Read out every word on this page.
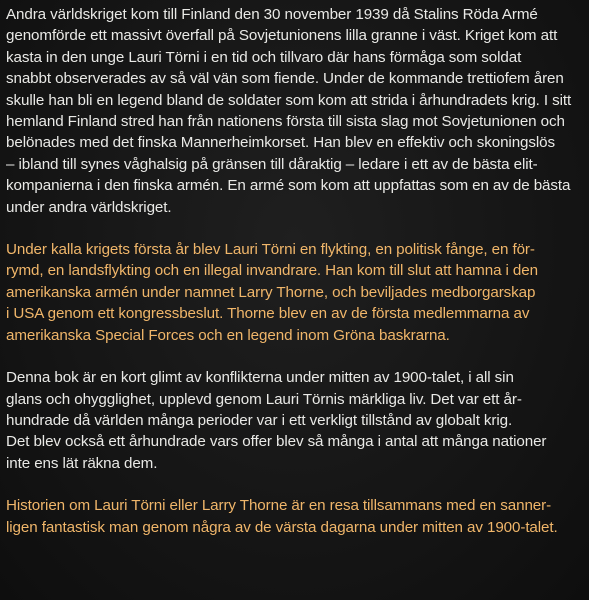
Andra världskriget kom till Finland den 30 november 1939 då Stalins Röda Armé
genomförde ett massivt överfall på Sovjetunionens lilla granne i väst. Kriget kom att
kasta in den unge Lauri Törni i en tid och tillvaro där hans förmåga som soldat
snabbt observerades av så väl vän som fiende. Under de kommande trettiofem åren
skulle han bli en legend bland de soldater som kom att strida i århundradets krig. I sitt
hemland Finland stred han från nationens första till sista slag mot Sovjetunionen och
belönades med det finska Mannerheimkorset. Han blev en effektiv och skoningslös
– ibland till synes våghalsig på gränsen till dåraktig – ledare i ett av de bästa elit-
kompanierna i den finska armén. En armé som kom att uppfattas som en av de bästa
under andra världskriget.

Under kalla krigets första år blev Lauri Törni en flykting, en politisk fånge, en för-
rymd, en landsflykting och en illegal invandrare. Han kom till slut att hamna i den
amerikanska armén under namnet Larry Thorne, och beviljades medborgarskap
i USA genom ett kongressbeslut. Thorne blev en av de första medlemmarna av
amerikanska Special Forces och en legend inom Gröna baskrarna.

Denna bok är en kort glimt av konflikterna under mitten av 1900-talet, i all sin
glans och ohygglighet, upplevd genom Lauri Törnis märkliga liv. Det var ett år-
hundrade då världen många perioder var i ett verkligt tillstånd av globalt krig.
Det blev också ett århundrade vars offer blev så många i antal att många nationer
inte ens lät räkna dem.

Historien om Lauri Törni eller Larry Thorne är en resa tillsammans med en sanner-
ligen fantastisk man genom några av de värsta dagarna under mitten av 1900-talet.
